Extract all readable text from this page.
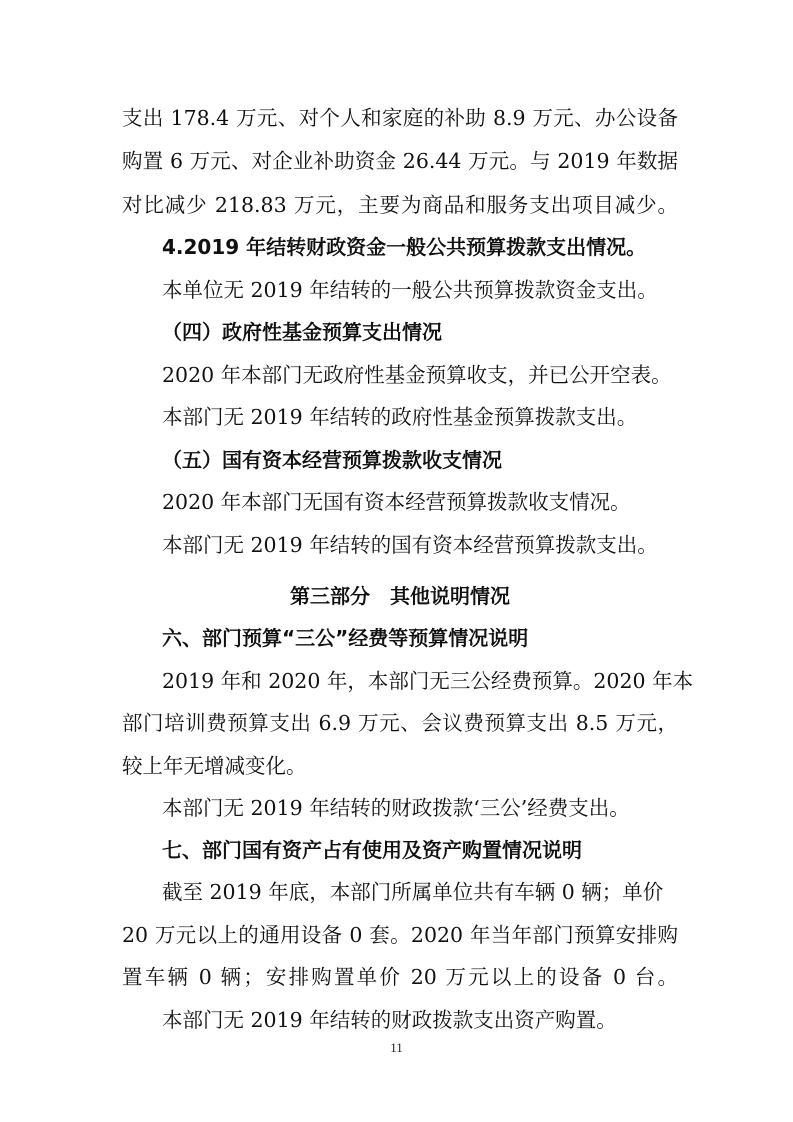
支出 178.4 万元、对个人和家庭的补助 8.9 万元、办公设备
购置 6 万元、对企业补助资金 26.44 万元。与 2019 年数据
对比减少 218.83 万元，主要为商品和服务支出项目减少。
4.2019 年结转财政资金一般公共预算拨款支出情况。
本单位无 2019 年结转的一般公共预算拨款资金支出。
（四）政府性基金预算支出情况
2020 年本部门无政府性基金预算收支，并已公开空表。
本部门无 2019 年结转的政府性基金预算拨款支出。
（五）国有资本经营预算拨款收支情况
2020 年本部门无国有资本经营预算拨款收支情况。
本部门无 2019 年结转的国有资本经营预算拨款支出。
第三部分　其他说明情况
六、部门预算“三公”经费等预算情况说明
2019 年和 2020 年，本部门无三公经费预算。2020 年本
部门培训费预算支出 6.9 万元、会议费预算支出 8.5 万元，
较上年无增减变化。
本部门无 2019 年结转的财政拨款‘三公’经费支出。
七、部门国有资产占有使用及资产购置情况说明
截至 2019 年底，本部门所属单位共有车辆 0 辆；单价
20 万元以上的通用设备 0 套。2020 年当年部门预算安排购
置车辆 0 辆；安排购置单价 20 万元以上的设备 0 台。
本部门无 2019 年结转的财政拨款支出资产购置。
11
